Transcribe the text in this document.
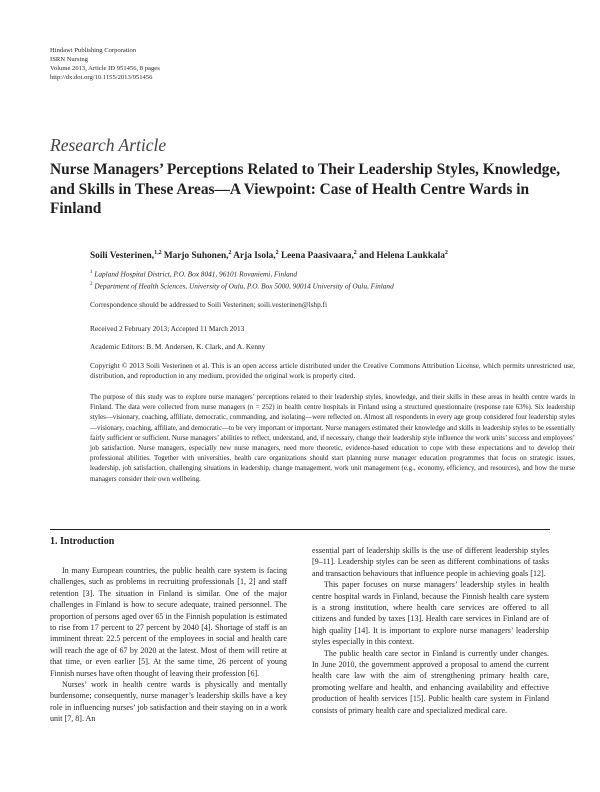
Hindawi Publishing Corporation
ISRN Nursing
Volume 2013, Article ID 951456, 8 pages
http://dx.doi.org/10.1155/2013/951456
Research Article
Nurse Managers’ Perceptions Related to Their Leadership Styles, Knowledge, and Skills in These Areas—A Viewpoint: Case of Health Centre Wards in Finland
Soili Vesterinen,$^{1,2}$ Marjo Suhonen,$^2$ Arja Isola,$^2$ Leena Paasivaara,$^2$ and Helena Laukkala$^2$
$^1$ Lapland Hospital District, P.O. Box 8041, 96101 Rovaniemi, Finland
$^2$ Department of Health Sciences, University of Oulu, P.O. Box 5000, 90014 University of Oulu, Finland
Correspondence should be addressed to Soili Vesterinen; soili.vesterinen@lshp.fi
Received 2 February 2013; Accepted 11 March 2013
Academic Editors: B. M. Andersen, K. Clark, and A. Kenny
Copyright © 2013 Soili Vesterinen et al. This is an open access article distributed under the Creative Commons Attribution License, which permits unrestricted use, distribution, and reproduction in any medium, provided the original work is properly cited.
The purpose of this study was to explore nurse managers’ perceptions related to their leadership styles, knowledge, and their skills in these areas in health centre wards in Finland. The data were collected from nurse managers (n = 252) in health centre hospitals in Finland using a structured questionnaire (response rate 63%). Six leadership styles—visionary, coaching, affiliate, democratic, commanding, and isolating—were reflected on. Almost all respondents in every age group considered four leadership styles—visionary, coaching, affiliate, and democratic—to be very important or important. Nurse managers estimated their knowledge and skills in leadership styles to be essentially fairly sufficient or sufficient. Nurse managers’ abilities to reflect, understand, and, if necessary, change their leadership style influence the work units’ success and employees’ job satisfaction. Nurse managers, especially new nurse managers, need more theoretic, evidence-based education to cope with these expectations and to develop their professional abilities. Together with universities, health care organizations should start planning nurse manager education programmes that focus on strategic issues, leadership, job satisfaction, challenging situations in leadership, change management, work unit management (e.g., economy, efficiency, and resources), and how the nurse managers consider their own wellbeing.
1. Introduction

In many European countries, the public health care system is facing challenges, such as problems in recruiting professionals [1, 2] and staff retention [3]. The situation in Finland is similar. One of the major challenges in Finland is how to secure adequate, trained personnel. The proportion of persons aged over 65 in the Finnish population is estimated to rise from 17 percent to 27 percent by 2040 [4]. Shortage of staff is an imminent threat: 22.5 percent of the employees in social and health care will reach the age of 67 by 2020 at the latest. Most of them will retire at that time, or even earlier [5]. At the same time, 26 percent of young Finnish nurses have often thought of leaving their profession [6].

Nurses’ work in health centre wards is physically and mentally burdensome; consequently, nurse manager’s leadership skills have a key role in influencing nurses’ job satisfaction and their staying on in a work unit [7, 8]. An

essential part of leadership skills is the use of different leadership styles [9–11]. Leadership styles can be seen as different combinations of tasks and transaction behaviours that influence people in achieving goals [12].

This paper focuses on nurse managers’ leadership styles in health centre hospital wards in Finland, because the Finnish health care system is a strong institution, where health care services are offered to all citizens and funded by taxes [13]. Health care services in Finland are of high quality [14]. It is important to explore nurse managers’ leadership styles especially in this context.

The public health care sector in Finland is currently under changes. In June 2010, the government approved a proposal to amend the current health care law with the aim of strengthening primary health care, promoting welfare and health, and enhancing availability and effective production of health services [15]. Public health care system in Finland consists of primary health care and specialized medical care.
